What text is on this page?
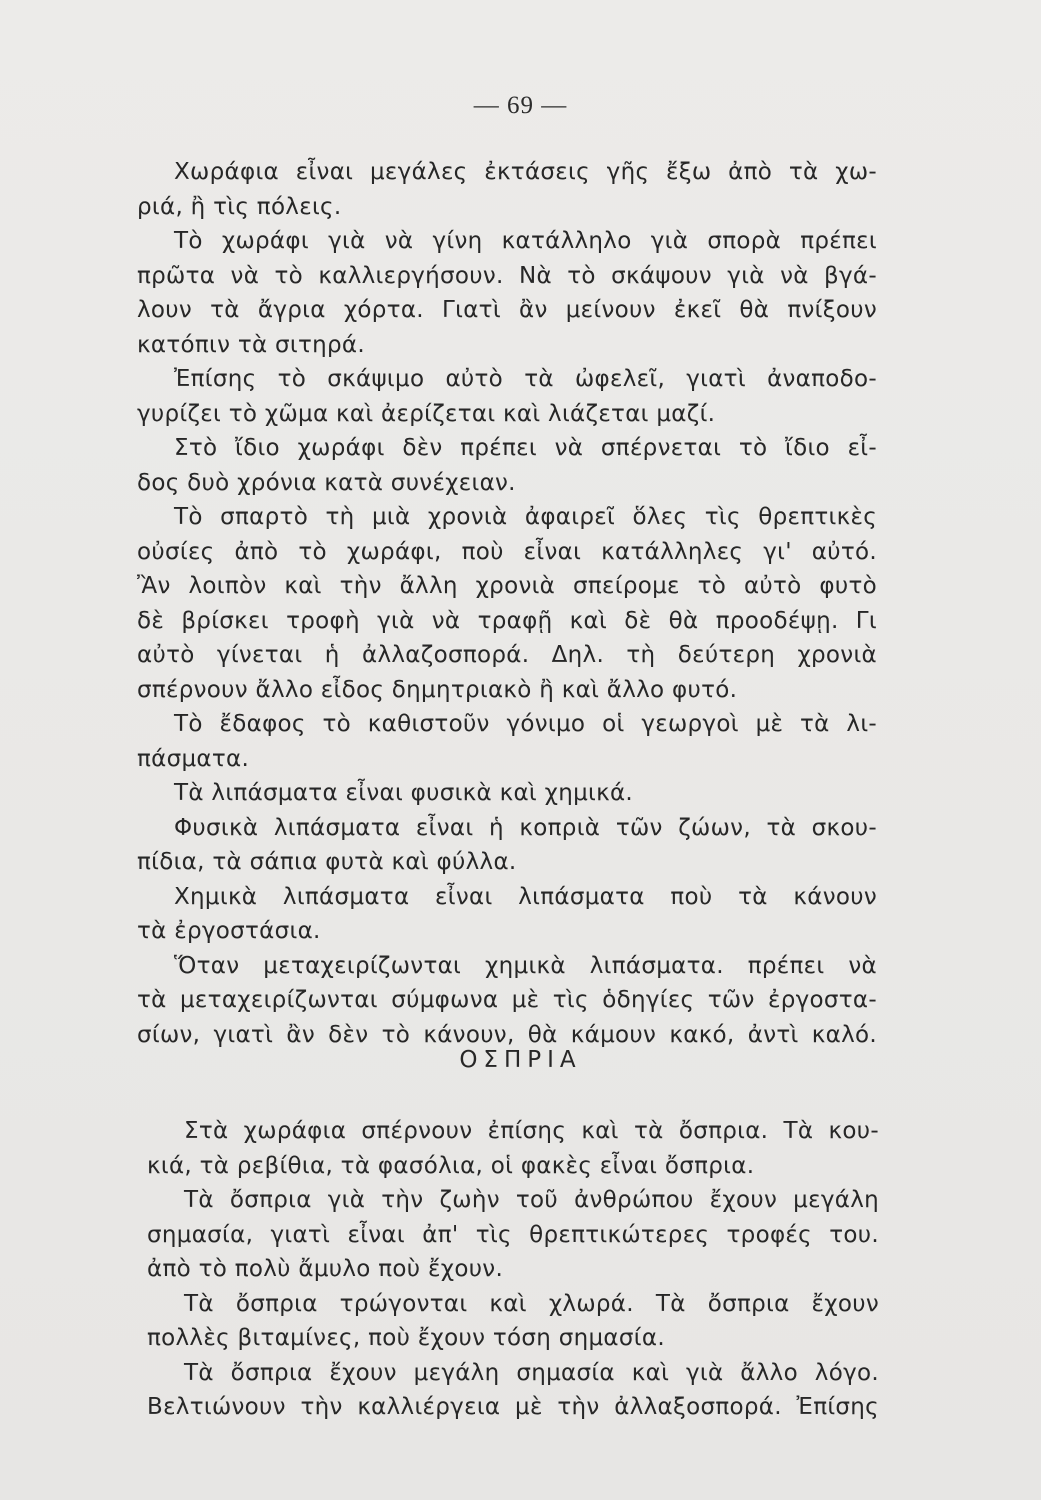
— 69 —
Χωράφια εἶναι μεγάλες ἐκτάσεις γῆς ἔξω ἀπὸ τὰ χω-
ριά, ἢ τὶς πόλεις.
Τὸ χωράφι γιὰ νὰ γίνη κατάλληλο γιὰ σπορὰ πρέπει
πρῶτα νὰ τὸ καλλιεργήσουν. Νὰ τὸ σκάψουν γιὰ νὰ βγά-
λουν τὰ ἄγρια χόρτα. Γιατὶ ἂν μείνουν ἐκεῖ θὰ πνίξουν
κατόπιν τὰ σιτηρά.
Ἐπίσης τὸ σκάψιμο αὐτὸ τὰ ὠφελεῖ, γιατὶ ἀναποδο-
γυρίζει τὸ χῶμα καὶ ἀερίζεται καὶ λιάζεται μαζί.
Στὸ ἴδιο χωράφι δὲν πρέπει νὰ σπέρνεται τὸ ἴδιο εἶ-
δος δυὸ χρόνια κατὰ συνέχειαν.
Τὸ σπαρτὸ τὴ μιὰ χρονιὰ ἀφαιρεῖ ὅλες τὶς θρεπτικὲς
οὐσίες ἀπὸ τὸ χωράφι, ποὺ εἶναι κατάλληλες γι' αὐτό.
Ἂν λοιπὸν καὶ τὴν ἄλλη χρονιὰ σπείρομε τὸ αὐτὸ φυτὸ
δὲ βρίσκει τροφὴ γιὰ νὰ τραφῇ καὶ δὲ θὰ προοδέψῃ. Γι
αὐτὸ γίνεται ἡ ἀλλαζοσπορά. Δηλ. τὴ δεύτερη χρονιὰ
σπέρνουν ἄλλο εἶδος δημητριακὸ ἢ καὶ ἄλλο φυτό.
Τὸ ἔδαφος τὸ καθιστοῦν γόνιμο οἱ γεωργοὶ μὲ τὰ λι-
πάσματα.
Τὰ λιπάσματα εἶναι φυσικὰ καὶ χημικά.
Φυσικὰ λιπάσματα εἶναι ἡ κοπριὰ τῶν ζώων, τὰ σκου-
πίδια, τὰ σάπια φυτὰ καὶ φύλλα.
Χημικὰ λιπάσματα εἶναι λιπάσματα ποὺ τὰ κάνουν
τὰ ἐργοστάσια.
Ὅταν μεταχειρίζωνται χημικὰ λιπάσματα. πρέπει νὰ
τὰ μεταχειρίζωνται σύμφωνα μὲ τὶς ὁδηγίες τῶν ἐργοστα-
σίων, γιατὶ ἂν δὲν τὸ κάνουν, θὰ κάμουν κακό, ἀντὶ καλό.
ΟΣΠΡΙΑ
Στὰ χωράφια σπέρνουν ἐπίσης καὶ τὰ ὄσπρια. Τὰ κου-
κιά, τὰ ρεβίθια, τὰ φασόλια, οἱ φακὲς εἶναι ὄσπρια.
Τὰ ὄσπρια γιὰ τὴν ζωὴν τοῦ ἀνθρώπου ἔχουν μεγάλη
σημασία, γιατὶ εἶναι ἀπ' τὶς θρεπτικώτερες τροφές του.
ἀπὸ τὸ πολὺ ἄμυλο ποὺ ἔχουν.
Τὰ ὄσπρια τρώγονται καὶ χλωρά. Τὰ ὄσπρια ἔχουν
πολλὲς βιταμίνες, ποὺ ἔχουν τόση σημασία.
Τὰ ὄσπρια ἔχουν μεγάλη σημασία καὶ γιὰ ἄλλο λόγο.
Βελτιώνουν τὴν καλλιέργεια μὲ τὴν ἀλλαξοσπορά. Ἐπίσης
